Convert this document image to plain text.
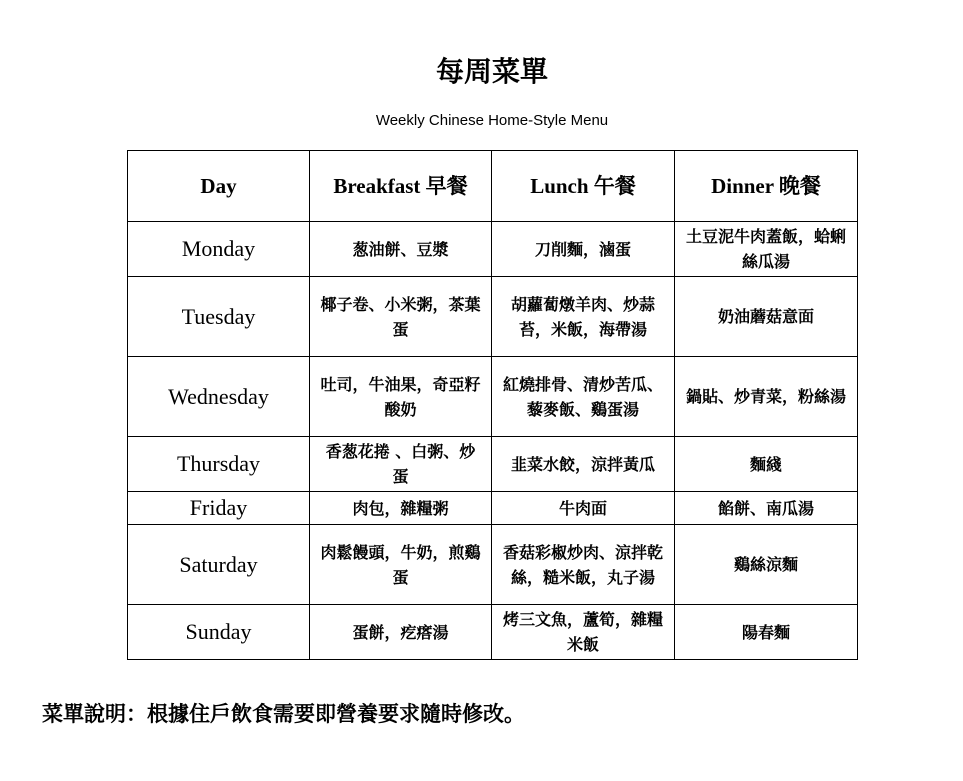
每周菜單
Weekly Chinese Home-Style Menu
Day	Breakfast 早餐	Lunch 午餐	Dinner 晚餐
Monday	葱油餅、豆漿	刀削麵，滷蛋	土豆泥牛肉蓋飯，蛤蜊絲瓜湯
Tuesday	椰子卷、小米粥，茶葉蛋	胡蘿蔔燉羊肉、炒蒜苔，米飯，海帶湯	奶油蘑菇意面
Wednesday	吐司，牛油果，奇亞籽酸奶	紅燒排骨、清炒苦瓜、藜麥飯、鷄蛋湯	鍋貼、炒青菜，粉絲湯
Thursday	香葱花捲 、白粥、炒蛋	韭菜水餃，涼拌黃瓜	麵綫
Friday	肉包，雜糧粥	牛肉面	餡餅、南瓜湯
Saturday	肉鬆饅頭，牛奶，煎鷄蛋	香菇彩椒炒肉、涼拌乾絲，糙米飯，丸子湯	鷄絲涼麵
Sunday	蛋餅，疙瘩湯	烤三文魚，蘆筍，雜糧米飯	陽春麵
菜單說明：根據住戶飲食需要即營養要求隨時修改。
